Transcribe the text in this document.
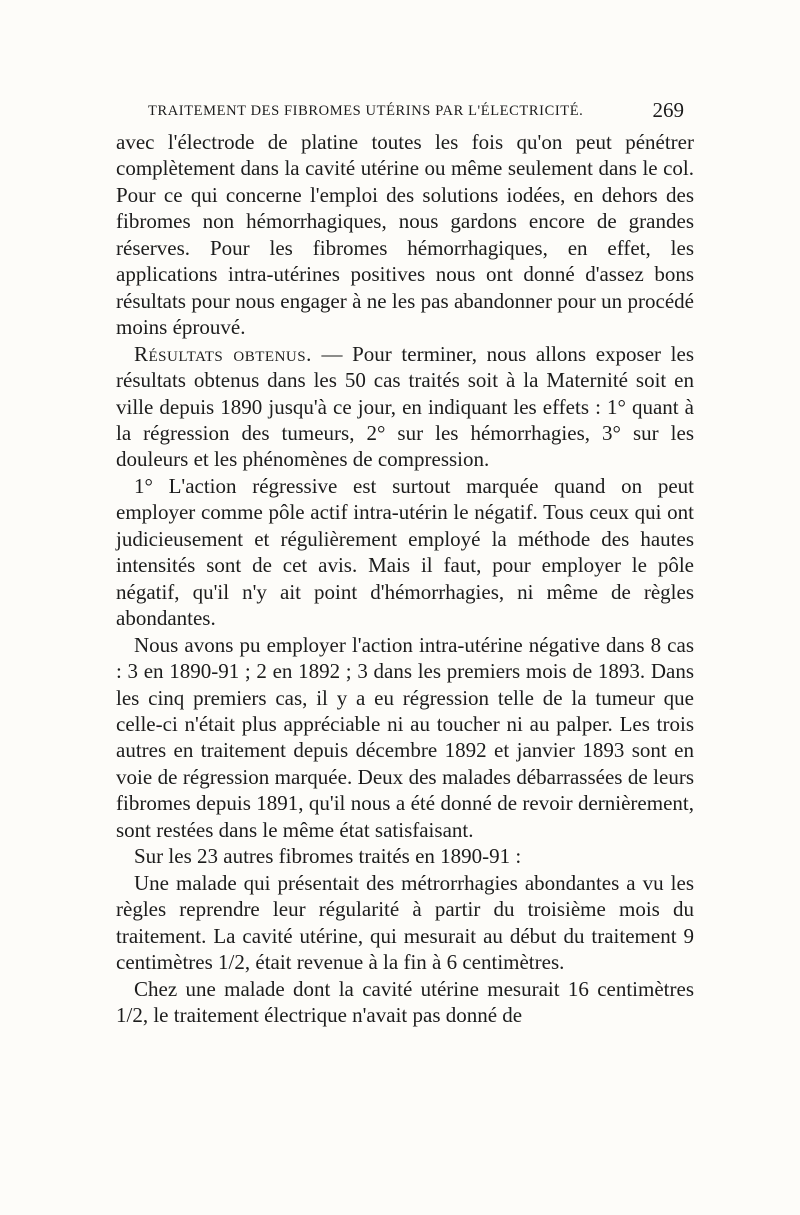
TRAITEMENT DES FIBROMES UTÉRINS PAR L'ÉLECTRICITÉ.	269

avec l'électrode de platine toutes les fois qu'on peut pénétrer complètement dans la cavité utérine ou même seulement dans le col. Pour ce qui concerne l'emploi des solutions iodées, en dehors des fibromes non hémorrhagiques, nous gardons encore de grandes réserves. Pour les fibromes hémorrhagiques, en effet, les applications intra-utérines positives nous ont donné d'assez bons résultats pour nous engager à ne les pas abandonner pour un procédé moins éprouvé.

Résultats obtenus. — Pour terminer, nous allons exposer les résultats obtenus dans les 50 cas traités soit à la Maternité soit en ville depuis 1890 jusqu'à ce jour, en indiquant les effets : 1° quant à la régression des tumeurs, 2° sur les hémorrhagies, 3° sur les douleurs et les phénomènes de compression.

1° L'action régressive est surtout marquée quand on peut employer comme pôle actif intra-utérin le négatif. Tous ceux qui ont judicieusement et régulièrement employé la méthode des hautes intensités sont de cet avis. Mais il faut, pour employer le pôle négatif, qu'il n'y ait point d'hémorrhagies, ni même de règles abondantes.

Nous avons pu employer l'action intra-utérine négative dans 8 cas : 3 en 1890-91 ; 2 en 1892 ; 3 dans les premiers mois de 1893. Dans les cinq premiers cas, il y a eu régression telle de la tumeur que celle-ci n'était plus appréciable ni au toucher ni au palper. Les trois autres en traitement depuis décembre 1892 et janvier 1893 sont en voie de régression marquée. Deux des malades débarrassées de leurs fibromes depuis 1891, qu'il nous a été donné de revoir dernièrement, sont restées dans le même état satisfaisant.

Sur les 23 autres fibromes traités en 1890-91 :

Une malade qui présentait des métrorrhagies abondantes a vu les règles reprendre leur régularité à partir du troisième mois du traitement. La cavité utérine, qui mesurait au début du traitement 9 centimètres 1/2, était revenue à la fin à 6 centimètres.

Chez une malade dont la cavité utérine mesurait 16 centimètres 1/2, le traitement électrique n'avait pas donné de
